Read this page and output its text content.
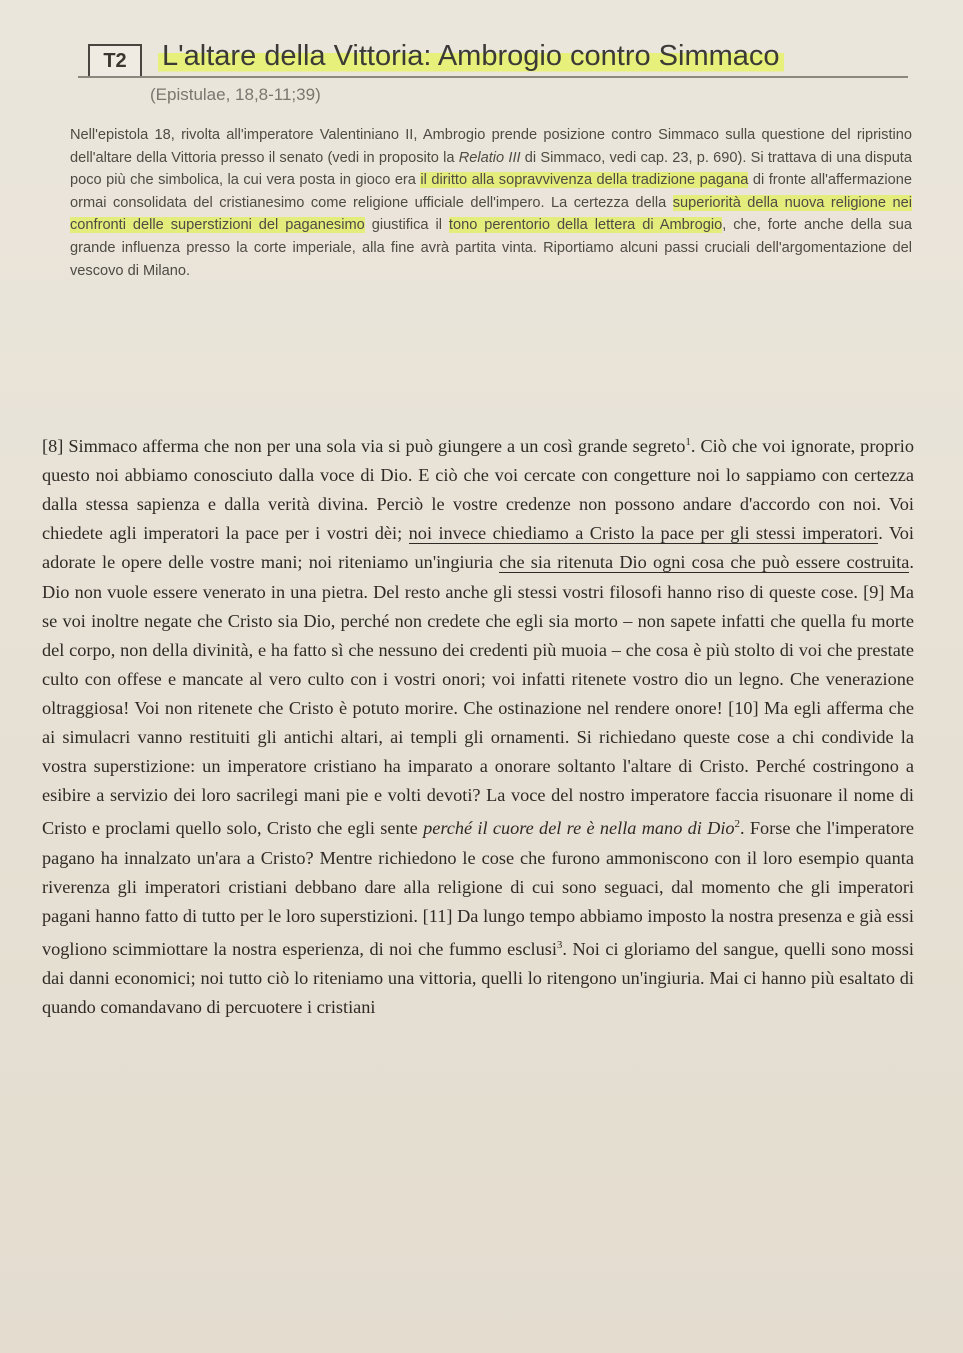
T2	L'altare della Vittoria: Ambrogio contro Simmaco
(Epistulae, 18,8-11;39)
Nell'epistola 18, rivolta all'imperatore Valentiniano II, Ambrogio prende posizione contro Simmaco sulla questione del ripristino dell'altare della Vittoria presso il senato (vedi in proposito la Relatio III di Simmaco, vedi cap. 23, p. 690). Si trattava di una disputa poco più che simbolica, la cui vera posta in gioco era il diritto alla sopravvivenza della tradizione pagana di fronte all'affermazione ormai consolidata del cristianesimo come religione ufficiale dell'impero. La certezza della superiorità della nuova religione nei confronti delle superstizioni del paganesimo giustifica il tono perentorio della lettera di Ambrogio, che, forte anche della sua grande influenza presso la corte imperiale, alla fine avrà partita vinta. Riportiamo alcuni passi cruciali dell'argomentazione del vescovo di Milano.
[8] Simmaco afferma che non per una sola via si può giungere a un così grande segreto$^1$. Ciò che voi ignorate, proprio questo noi abbiamo conosciuto dalla voce di Dio. E ciò che voi cercate con congetture noi lo sappiamo con certezza dalla stessa sapienza e dalla verità divina. Perciò le vostre credenze non possono andare d'accordo con noi. Voi chiedete agli imperatori la pace per i vostri dèi; noi invece chiediamo a Cristo la pace per gli stessi imperatori. Voi adorate le opere delle vostre mani; noi riteniamo un'ingiuria che sia ritenuta Dio ogni cosa che può essere costruita. Dio non vuole essere venerato in una pietra. Del resto anche gli stessi vostri filosofi hanno riso di queste cose. [9] Ma se voi inoltre negate che Cristo sia Dio, perché non credete che egli sia morto – non sapete infatti che quella fu morte del corpo, non della divinità, e ha fatto sì che nessuno dei credenti più muoia – che cosa è più stolto di voi che prestate culto con offese e mancate al vero culto con i vostri onori; voi infatti ritenete vostro dio un legno. Che venerazione oltraggiosa! Voi non ritenete che Cristo è potuto morire. Che ostinazione nel rendere onore! [10] Ma egli afferma che ai simulacri vanno restituiti gli antichi altari, ai templi gli ornamenti. Si richiedano queste cose a chi condivide la vostra superstizione: un imperatore cristiano ha imparato a onorare soltanto l'altare di Cristo. Perché costringono a esibire a servizio dei loro sacrilegi mani pie e volti devoti? La voce del nostro imperatore faccia risuonare il nome di Cristo e proclami quello solo, Cristo che egli sente perché il cuore del re è nella mano di Dio$^2$. Forse che l'imperatore pagano ha innalzato un'ara a Cristo? Mentre richiedono le cose che furono ammoniscono con il loro esempio quanta riverenza gli imperatori cristiani debbano dare alla religione di cui sono seguaci, dal momento che gli imperatori pagani hanno fatto di tutto per le loro superstizioni. [11] Da lungo tempo abbiamo imposto la nostra presenza e già essi vogliono scimmiottare la nostra esperienza, di noi che fummo esclusi$^3$. Noi ci gloriamo del sangue, quelli sono mossi dai danni economici; noi tutto ciò lo riteniamo una vittoria, quelli lo ritengono un'ingiuria. Mai ci hanno più esaltato di quando comandavano di percuotere i cristiani
